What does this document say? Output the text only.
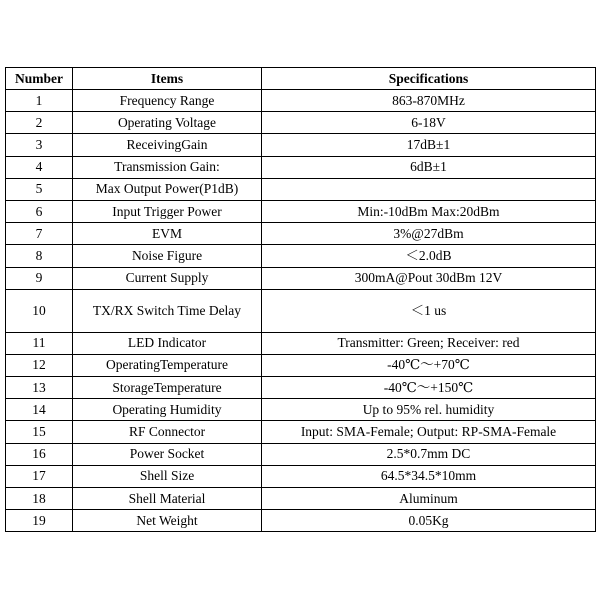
Number	Items	Specifications
1	Frequency Range	863-870MHz
2	Operating Voltage	6-18V
3	ReceivingGain	17dB±1
4	Transmission Gain:	6dB±1
5	Max Output Power(P1dB)	
6	Input Trigger Power	Min:-10dBm Max:20dBm
7	EVM	3%@27dBm
8	Noise Figure	＜2.0dB
9	Current Supply	300mA@Pout 30dBm 12V
10	TX/RX Switch Time Delay	＜1 us
11	LED Indicator	Transmitter: Green; Receiver: red
12	OperatingTemperature	-40℃～+70℃
13	StorageTemperature	-40℃～+150℃
14	Operating Humidity	Up to 95% rel. humidity
15	RF Connector	Input: SMA-Female; Output: RP-SMA-Female
16	Power Socket	2.5*0.7mm DC
17	Shell Size	64.5*34.5*10mm
18	Shell Material	Aluminum
19	Net Weight	0.05Kg
